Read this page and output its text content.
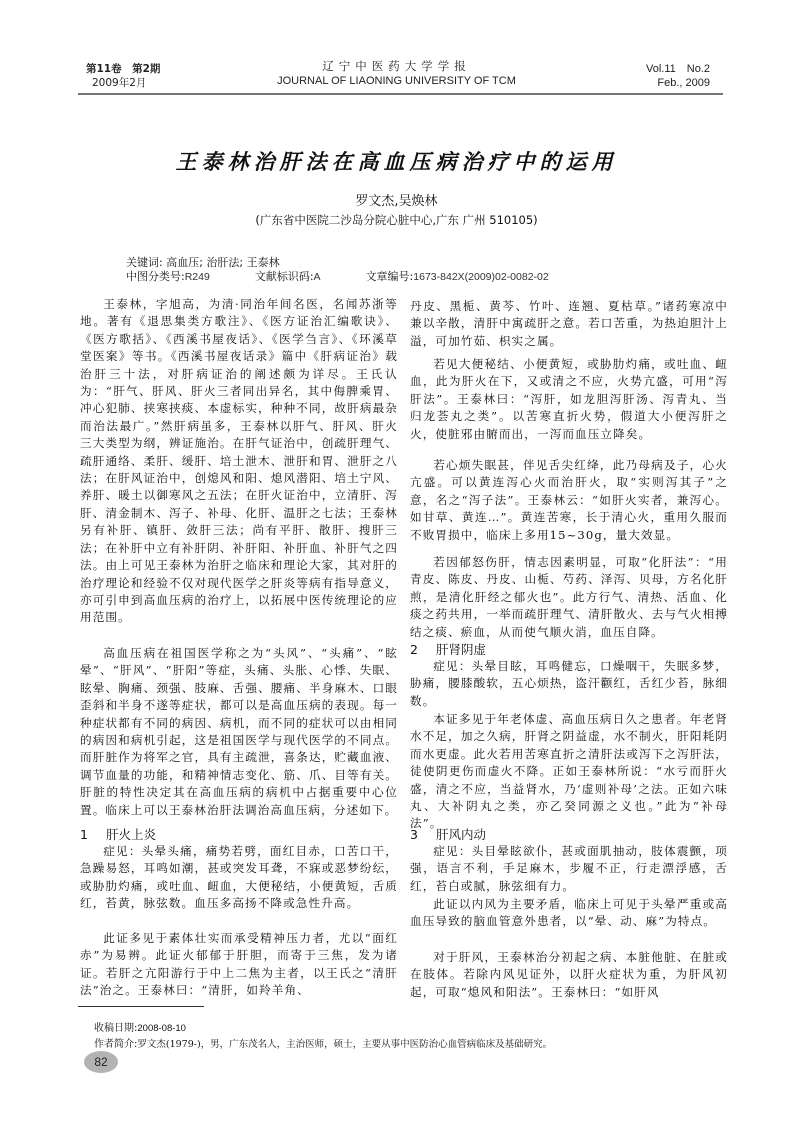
第11卷　第2期
2009年2月
辽宁中医药大学学报
JOURNAL OF LIAONING UNIVERSITY OF TCM
Vol.11　No.2
Feb., 2009
王泰林治肝法在高血压病治疗中的运用
罗文杰,吴焕林
(广东省中医院二沙岛分院心脏中心,广东 广州 510105)
关键词: 高血压; 治肝法; 王泰林
中图分类号:R249	文献标识码:A	文章编号:1673-842X(2009)02-0082-02
王泰林，字旭高，为清·同治年间名医，名闻苏浙等地。著有《退思集类方歌注》、《医方证治汇编歌诀》、《医方歌括》、《西溪书屋夜话》、《医学刍言》、《环溪草堂医案》等书。《西溪书屋夜话录》篇中《肝病证治》载治肝三十法，对肝病证治的阐述颇为详尽。王氏认为：“肝气、肝风、肝火三者同出异名，其中侮脾乘胃、冲心犯肺、挟寒挟痰、本虚标实，种种不同，故肝病最杂而治法最广。”然肝病虽多，王泰林以肝气、肝风、肝火三大类型为纲，辨证施治。在肝气证治中，创疏肝理气、疏肝通络、柔肝、缓肝、培土泄木、泄肝和胃、泄肝之八法；在肝风证治中，创熄风和阳、熄风潜阳、培土宁风、养肝、暖土以御寒风之五法；在肝火证治中，立清肝、泻肝、清金制木、泻子、补母、化肝、温肝之七法；王泰林另有补肝、镇肝、敛肝三法；尚有平肝、散肝、搜肝三法；在补肝中立有补肝阴、补肝阳、补肝血、补肝气之四法。由上可见王泰林为治肝之临床和理论大家，其对肝的治疗理论和经验不仅对现代医学之肝炎等病有指导意义，亦可引申到高血压病的治疗上，以拓展中医传统理论的应用范围。
高血压病在祖国医学称之为“头风”、“头痛”、“眩晕”、“肝风”、“肝阳”等症，头痛、头胀、心悸、失眠、眩晕、胸痛、颈强、肢麻、舌强、腰痛、半身麻木、口眼歪斜和半身不遂等症状，都可以是高血压病的表现。每一种症状都有不同的病因、病机，而不同的症状可以由相同的病因和病机引起，这是祖国医学与现代医学的不同点。而肝脏作为将军之官，具有主疏泄，喜条达，贮藏血液、调节血量的功能，和精神情志变化、筋、爪、目等有关。肝脏的特性决定其在高血压病的病机中占据重要中心位置。临床上可以王泰林治肝法调治高血压病，分述如下。
1 肝火上炎
症见：头晕头痛，痛势若劈，面红目赤，口苦口干，急躁易怒，耳鸣如潮，甚或突发耳聋，不寐或恶梦纷纭，或胁肋灼痛，或吐血、衄血，大便秘结，小便黄短，舌质红，苔黄，脉弦数。血压多高扬不降或急性升高。
此证多见于素体壮实而承受精神压力者，尤以“面红赤”为易辨。此证火郁郁于肝胆，而寄于三焦，发为诸证。若肝之亢阳游行于中上二焦为主者，以王氏之“清肝法”治之。王泰林曰：“清肝，如羚羊角、
丹皮、黑栀、黄芩、竹叶、连翘、夏枯草。”诸药寒凉中兼以辛散，清肝中寓疏肝之意。若口苦重，为热迫胆汁上溢，可加竹茹、枳实之属。
若见大便秘结、小便黄短，或胁肋灼痛，或吐血、衄血，此为肝火在下，又或清之不应，火势亢盛，可用“泻肝法”。王泰林曰：“泻肝，如龙胆泻肝汤、泻青丸、当归龙荟丸之类”。以苦寒直折火势，假道大小便泻肝之火，使脏邪由腑而出，一泻而血压立降矣。
若心烦失眠甚，伴见舌尖红绛，此乃母病及子，心火亢盛。可以黄连泻心火而治肝火，取“实则泻其子”之意，名之“泻子法”。王泰林云：“如肝火实者，兼泻心。如甘草、黄连…”。黄连苦寒，长于清心火，重用久服而不败胃损中，临床上多用15~30g，量大效显。
若因郁怒伤肝，情志因素明显，可取“化肝法”：“用青皮、陈皮、丹皮、山栀、芍药、泽泻、贝母，方名化肝煎，是清化肝经之郁火也”。此方行气、清热、活血、化痰之药共用，一举而疏肝理气、清肝散火、去与气火相搏结之痰、瘀血，从而使气顺火消，血压自降。
2 肝肾阴虚
症见：头晕目眩，耳鸣健忘，口燥咽干，失眠多梦，胁痛，腰膝酸软，五心烦热，盗汗颧红，舌红少苔，脉细数。
本证多见于年老体虚、高血压病日久之患者。年老肾水不足，加之久病，肝肾之阴益虚，水不制火，肝阳耗阴而水更虚。此火若用苦寒直折之清肝法或泻下之泻肝法，徒使阴更伤而虚火不降。正如王泰林所说：“水亏而肝火盛，清之不应，当益肾水，乃‘虚则补母’之法。正如六味丸、大补阴丸之类，亦乙癸同源之义也。”此为“补母法”。
3 肝风内动
症见：头目晕眩欲仆，甚或面肌抽动，肢体震颤，项强，语言不利，手足麻木，步履不正，行走漂浮感，舌红，苔白或腻，脉弦细有力。
此证以内风为主要矛盾，临床上可见于头晕严重或高血压导致的脑血管意外患者，以“晕、动、麻”为特点。
对于肝风，王泰林治分初起之病、本脏他脏、在脏或在肢体。若除内风见证外，以肝火症状为重，为肝风初起，可取“熄风和阳法”。王泰林曰：“如肝风
收稿日期:2008-08-10
作者简介:罗文杰(1979-)，男，广东茂名人，主治医师，硕士，主要从事中医防治心血管病临床及基础研究。
82
